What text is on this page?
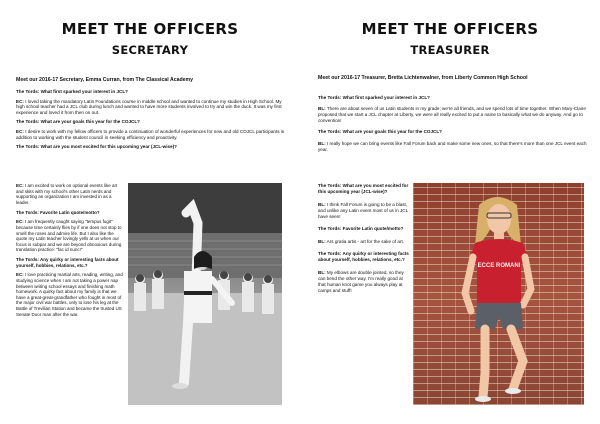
MEET THE OFFICERS
SECRETARY
Meet our 2016-17 Secretary, Emma Curran, from The Classical Academy

The Tords: What first sparked your interest in JCL?

EC: I loved taking the mandatory Latin Foundations course in middle school and wanted to continue my studies in High School. My high school teacher had a JCL club during lunch and wanted to have more students involved to try and win the duck. It was my first experience and loved it from then on out.

The Tords: What are your goals this year for the COJCL?

EC: I desire to work with my fellow officers to provide a continuation of wonderful experiences for new and old COJCL participants in addition to working with the student council in seeking efficiency and proactivity.

The Tords: What are you most excited for this upcoming year (JCL-wise)?

EC: I am excited to work on optional events like art and skits with my school's other Latin nerds and supporting an organization I am invested in as a leader.

The Tords: Favorite Latin quote/motto?

EC: I am frequently caught saying "tempus fugit" because time certainly flies by if one does not stop to smell the roses and admire life. But I also like the quote my Latin teacher lovingly yells at us when our focus is subpar and we are beyond obnoxious during translation practice: "fac id nunc!"

The Tords: Any quirky or interesting facts about yourself, hobbies, relations, etc.?

EC: I love practicing martial arts, reading, writing, and studying science when I am not taking a power nap between writing school essays and finishing math homework. A quirky fact about my family is that we have a great-great-grandfather who fought in most of the major civil war battles, only to lose his leg at the Battle of Trevilian Station and became the trusted US Senate Door man after the war.

MEET THE OFFICERS
TREASURER
Meet our 2016-17 Treasurer, Bretta Lichtenwalner, from Liberty Common High School

The Tords: What first sparked your interest in JCL?

BL: There are about seven of us Latin students in my grade; we're all friends, and we spend lots of time together. When Mary-Claire proposed that we start a JCL chapter at Liberty, we were all really excited to put a name to basically what we do anyway. And go to convention!

The Tords: What are your goals this year for the COJCL?

BL: I really hope we can bring events like Fall Forum back and make some new ones, so that there's more than one JCL event each year.

The Tords: What are you most excited for this upcoming year (JCL-wise)?

BL: I think Fall Forum is going to be a blast, and unlike any Latin event most of us in JCL have seen!

The Tords: Favorite Latin quote/motto?

BL: Ars gratia artis - art for the sake of art.

The Tords: Any quirky or interesting facts about yourself, hobbies, relations, etc.?

BL: My elbows are double jointed, so they can bend the other way. I'm really good at that human knot game you always play at camps and stuff!

ECCE ROMANI
